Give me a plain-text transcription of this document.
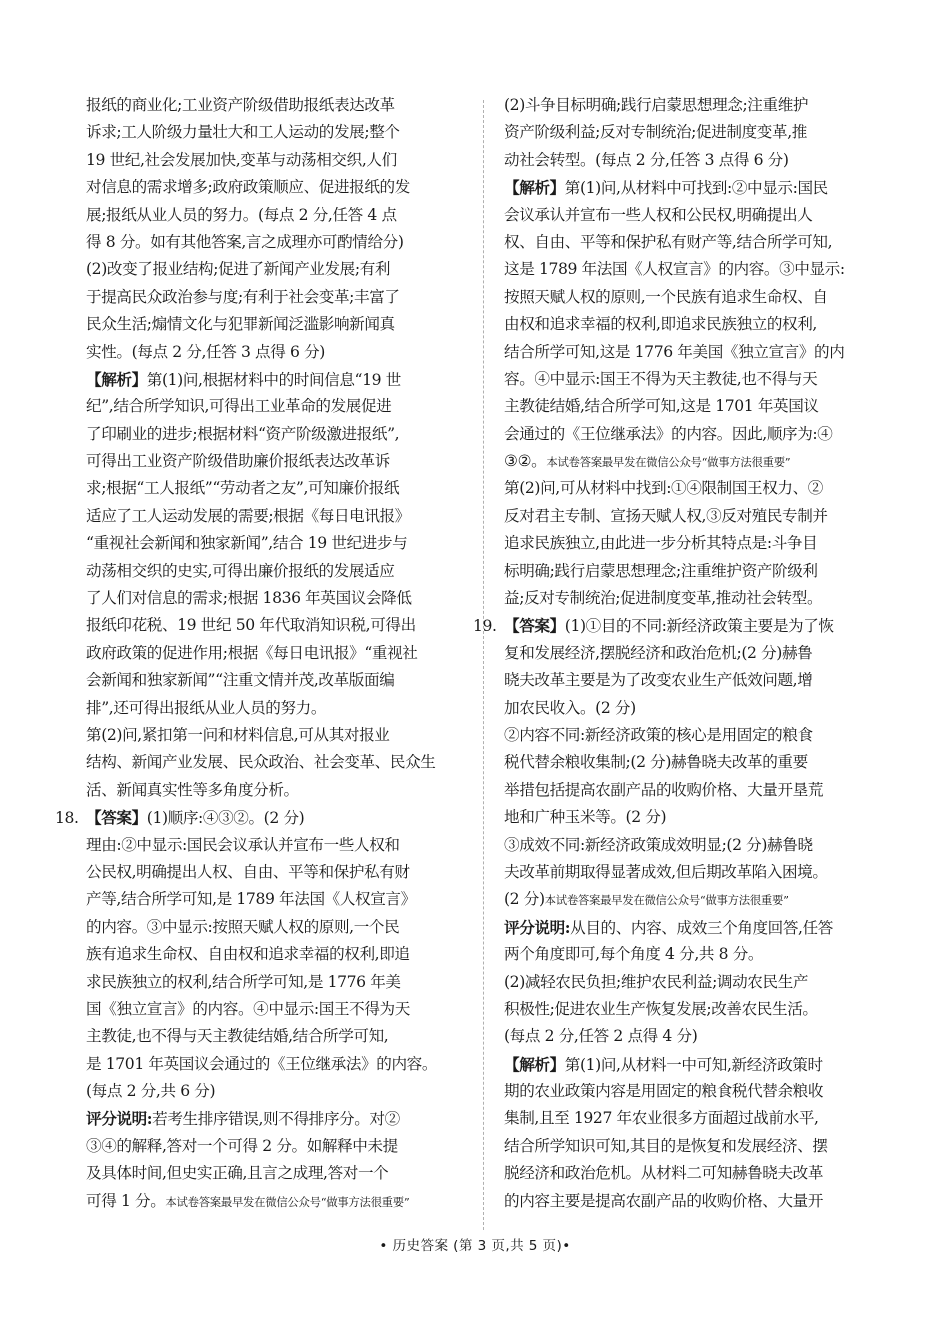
报纸的商业化;工业资产阶级借助报纸表达改革
诉求;工人阶级力量壮大和工人运动的发展;整个
19 世纪,社会发展加快,变革与动荡相交织,人们
对信息的需求增多;政府政策顺应、促进报纸的发
展;报纸从业人员的努力。(每点 2 分,任答 4 点
得 8 分。如有其他答案,言之成理亦可酌情给分)
(2)改变了报业结构;促进了新闻产业发展;有利
于提高民众政治参与度;有利于社会变革;丰富了
民众生活;煽情文化与犯罪新闻泛滥影响新闻真
实性。(每点 2 分,任答 3 点得 6 分)
【解析】第(1)问,根据材料中的时间信息“19 世
纪”,结合所学知识,可得出工业革命的发展促进
了印刷业的进步;根据材料“资产阶级激进报纸”,
可得出工业资产阶级借助廉价报纸表达改革诉
求;根据“工人报纸”“劳动者之友”,可知廉价报纸
适应了工人运动发展的需要;根据《每日电讯报》
“重视社会新闻和独家新闻”,结合 19 世纪进步与
动荡相交织的史实,可得出廉价报纸的发展适应
了人们对信息的需求;根据 1836 年英国议会降低
报纸印花税、19 世纪 50 年代取消知识税,可得出
政府政策的促进作用;根据《每日电讯报》“重视社
会新闻和独家新闻”“注重文情并茂,改革版面编
排”,还可得出报纸从业人员的努力。
第(2)问,紧扣第一问和材料信息,可从其对报业
结构、新闻产业发展、民众政治、社会变革、民众生
活、新闻真实性等多角度分析。
18. 【答案】(1)顺序:④③②。(2 分)
理由:②中显示:国民会议承认并宣布一些人权和
公民权,明确提出人权、自由、平等和保护私有财
产等,结合所学可知,是 1789 年法国《人权宣言》
的内容。③中显示:按照天赋人权的原则,一个民
族有追求生命权、自由权和追求幸福的权利,即追
求民族独立的权利,结合所学可知,是 1776 年美
国《独立宣言》的内容。④中显示:国王不得为天
主教徒,也不得与天主教徒结婚,结合所学可知,
是 1701 年英国议会通过的《王位继承法》的内容。
(每点 2 分,共 6 分)
评分说明:若考生排序错误,则不得排序分。对②
③④的解释,答对一个可得 2 分。如解释中未提
及具体时间,但史实正确,且言之成理,答对一个
可得 1 分。本试卷答案最早发在微信公众号“做事方法很重要”
(2)斗争目标明确;践行启蒙思想理念;注重维护
资产阶级利益;反对专制统治;促进制度变革,推
动社会转型。(每点 2 分,任答 3 点得 6 分)
【解析】第(1)问,从材料中可找到:②中显示:国民
会议承认并宣布一些人权和公民权,明确提出人
权、自由、平等和保护私有财产等,结合所学可知,
这是 1789 年法国《人权宣言》的内容。③中显示:
按照天赋人权的原则,一个民族有追求生命权、自
由权和追求幸福的权利,即追求民族独立的权利,
结合所学可知,这是 1776 年美国《独立宣言》的内
容。④中显示:国王不得为天主教徒,也不得与天
主教徒结婚,结合所学可知,这是 1701 年英国议
会通过的《王位继承法》的内容。因此,顺序为:④
③②。本试卷答案最早发在微信公众号“做事方法很重要”
第(2)问,可从材料中找到:①④限制国王权力、②
反对君主专制、宣扬天赋人权,③反对殖民专制并
追求民族独立,由此进一步分析其特点是:斗争目
标明确;践行启蒙思想理念;注重维护资产阶级利
益;反对专制统治;促进制度变革,推动社会转型。
19. 【答案】(1)①目的不同:新经济政策主要是为了恢
复和发展经济,摆脱经济和政治危机;(2 分)赫鲁
晓夫改革主要是为了改变农业生产低效问题,增
加农民收入。(2 分)
②内容不同:新经济政策的核心是用固定的粮食
税代替余粮收集制;(2 分)赫鲁晓夫改革的重要
举措包括提高农副产品的收购价格、大量开垦荒
地和广种玉米等。(2 分)
③成效不同:新经济政策成效明显;(2 分)赫鲁晓
夫改革前期取得显著成效,但后期改革陷入困境。
(2 分)本试卷答案最早发在微信公众号“做事方法很重要”
评分说明:从目的、内容、成效三个角度回答,任答
两个角度即可,每个角度 4 分,共 8 分。
(2)减轻农民负担;维护农民利益;调动农民生产
积极性;促进农业生产恢复发展;改善农民生活。
(每点 2 分,任答 2 点得 4 分)
【解析】第(1)问,从材料一中可知,新经济政策时
期的农业政策内容是用固定的粮食税代替余粮收
集制,且至 1927 年农业很多方面超过战前水平,
结合所学知识可知,其目的是恢复和发展经济、摆
脱经济和政治危机。从材料二可知赫鲁晓夫改革
的内容主要是提高农副产品的收购价格、大量开
• 历史答案 (第 3 页,共 5 页)•
